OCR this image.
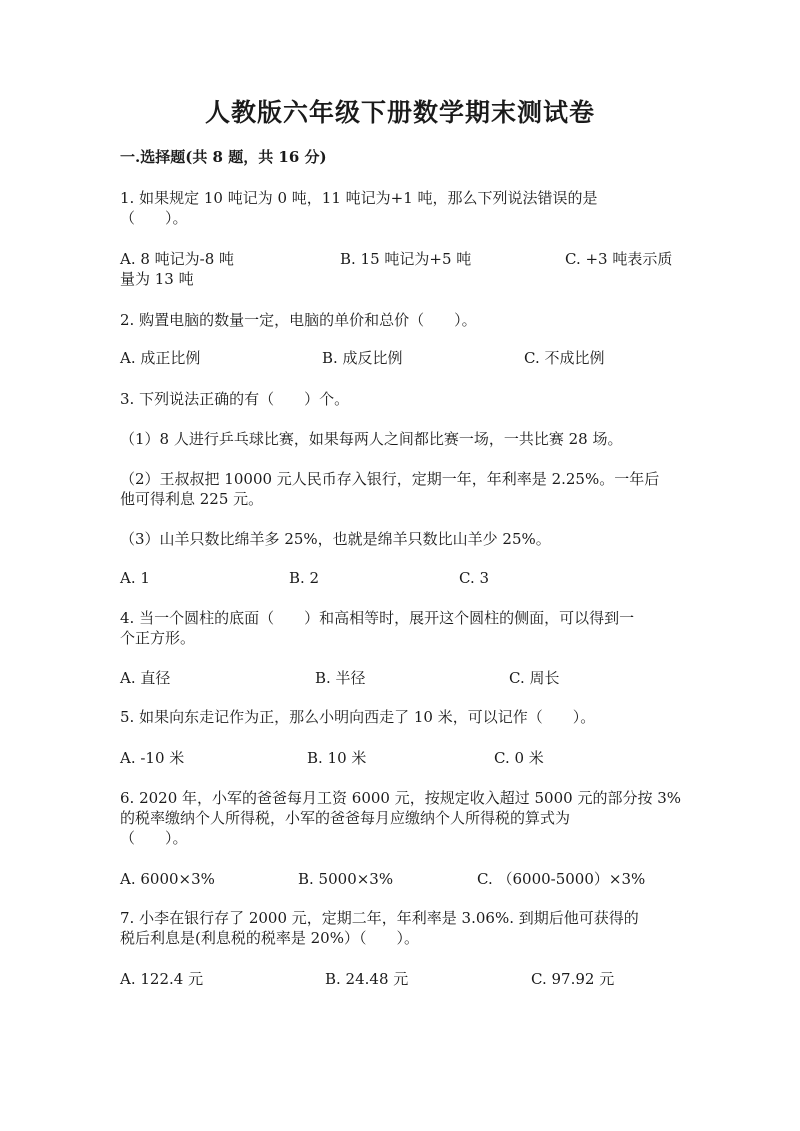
人教版六年级下册数学期末测试卷
一.选择题(共 8 题，共 16 分)
1. 如果规定 10 吨记为 0 吨，11 吨记为+1 吨，那么下列说法错误的是
（　　）。
A. 8 吨记为-8 吨	B. 15 吨记为+5 吨	C. +3 吨表示质
量为 13 吨
2. 购置电脑的数量一定，电脑的单价和总价（　　）。
A. 成正比例	B. 成反比例	C. 不成比例
3. 下列说法正确的有（　　）个。
（1）8 人进行乒乓球比赛，如果每两人之间都比赛一场，一共比赛 28 场。
（2）王叔叔把 10000 元人民币存入银行，定期一年，年利率是 2.25%。一年后
他可得利息 225 元。
（3）山羊只数比绵羊多 25%，也就是绵羊只数比山羊少 25%。
A. 1	B. 2	C. 3
4. 当一个圆柱的底面（　　）和高相等时，展开这个圆柱的侧面，可以得到一
个正方形。
A. 直径	B. 半径	C. 周长
5. 如果向东走记作为正，那么小明向西走了 10 米，可以记作（　　）。
A. -10 米	B. 10 米	C. 0 米
6. 2020 年，小军的爸爸每月工资 6000 元，按规定收入超过 5000 元的部分按 3%
的税率缴纳个人所得税，小军的爸爸每月应缴纳个人所得税的算式为
（　　）。
A. 6000×3%	B. 5000×3%	C. （6000-5000）×3%
7. 小李在银行存了 2000 元，定期二年，年利率是 3.06%. 到期后他可获得的
税后利息是(利息税的税率是 20%）（　　）。
A. 122.4 元	B. 24.48 元	C. 97.92 元
